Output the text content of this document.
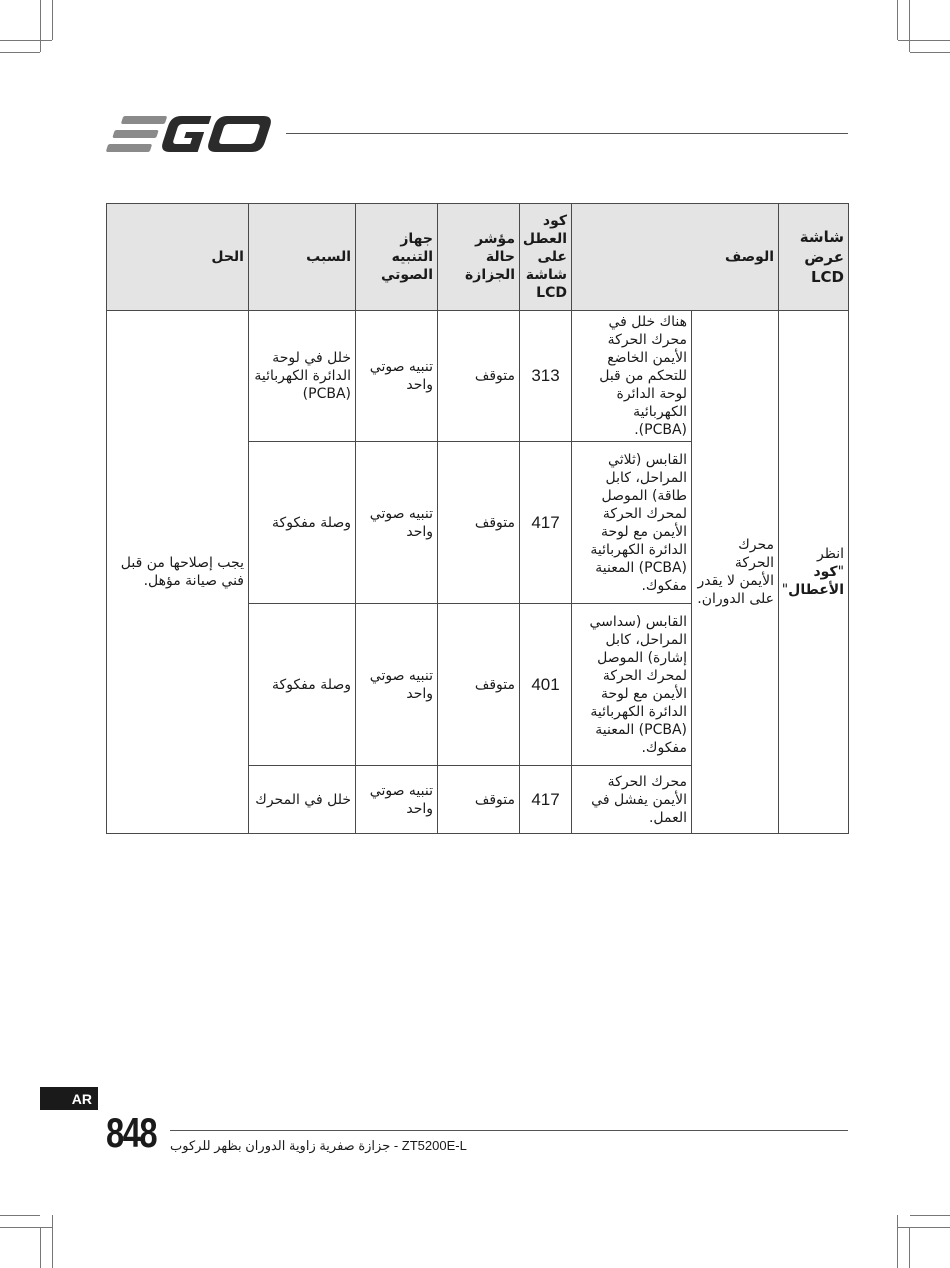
شاشة عرض LCD	الوصف		كود العطل على شاشة LCD	مؤشر حالة الجزازة	جهاز التنبيه الصوتي	السبب	الحل
انظر "كود الأعطال"	محرك الحركة الأيمن لا يقدر على الدوران.	هناك خلل في محرك الحركة الأيمن الخاضع للتحكم من قبل لوحة الدائرة الكهربائية (PCBA).	313	متوقف	تنبيه صوتي واحد	خلل في لوحة الدائرة الكهربائية (PCBA)	يجب إصلاحها من قبل فني صيانة مؤهل.
		القابس (ثلاثي المراحل، كابل طاقة) الموصل لمحرك الحركة الأيمن مع لوحة الدائرة الكهربائية (PCBA) المعنية مفكوك.	417	متوقف	تنبيه صوتي واحد	وصلة مفكوكة	
		القابس (سداسي المراحل، كابل إشارة) الموصل لمحرك الحركة الأيمن مع لوحة الدائرة الكهربائية (PCBA) المعنية مفكوك.	401	متوقف	تنبيه صوتي واحد	وصلة مفكوكة	
		محرك الحركة الأيمن يفشل في العمل.	417	متوقف	تنبيه صوتي واحد	خلل في المحرك	
AR
848 ZT5200E-L - جزازة صفرية زاوية الدوران بظهر للركوب
